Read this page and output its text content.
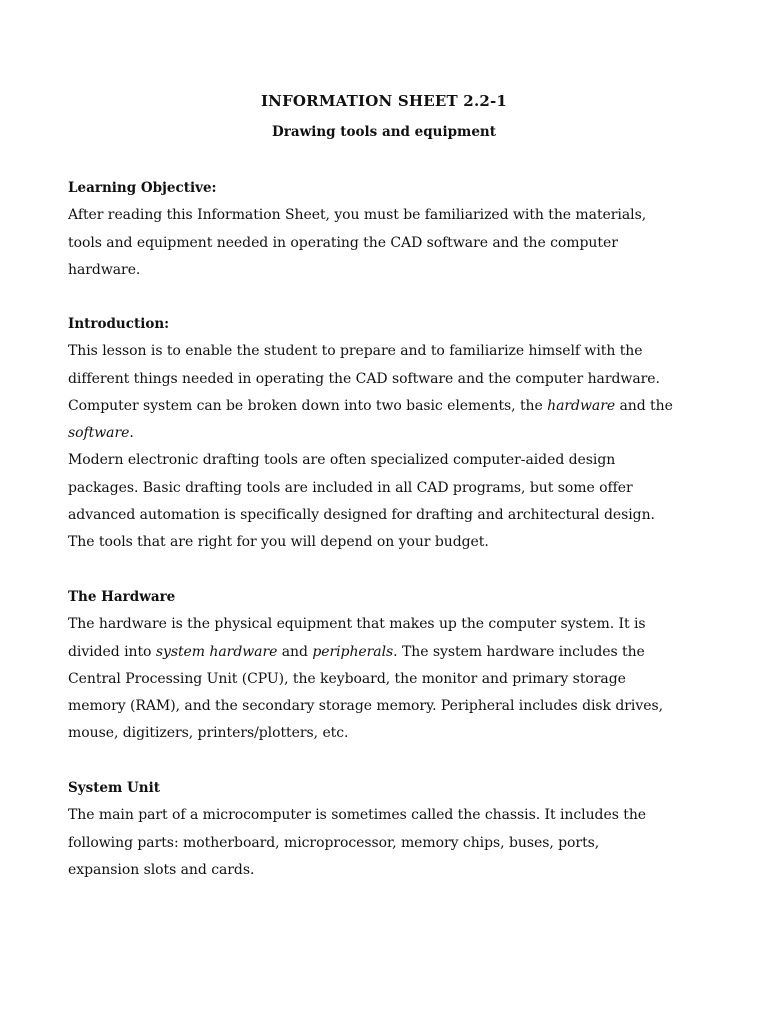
INFORMATION SHEET 2.2-1
Drawing tools and equipment
Learning Objective:
After reading this Information Sheet, you must be familiarized with the materials,
tools and equipment needed in operating the CAD software and the computer
hardware.
Introduction:
This lesson is to enable the student to prepare and to familiarize himself with the
different things needed in operating the CAD software and the computer hardware.
Computer system can be broken down into two basic elements, the hardware and the
software.
Modern electronic drafting tools are often specialized computer-aided design
packages. Basic drafting tools are included in all CAD programs, but some offer
advanced automation is specifically designed for drafting and architectural design.
The tools that are right for you will depend on your budget.
The Hardware
The hardware is the physical equipment that makes up the computer system. It is
divided into system hardware and peripherals. The system hardware includes the
Central Processing Unit (CPU), the keyboard, the monitor and primary storage
memory (RAM), and the secondary storage memory. Peripheral includes disk drives,
mouse, digitizers, printers/plotters, etc.
System Unit
The main part of a microcomputer is sometimes called the chassis. It includes the
following parts: motherboard, microprocessor, memory chips, buses, ports,
expansion slots and cards.
